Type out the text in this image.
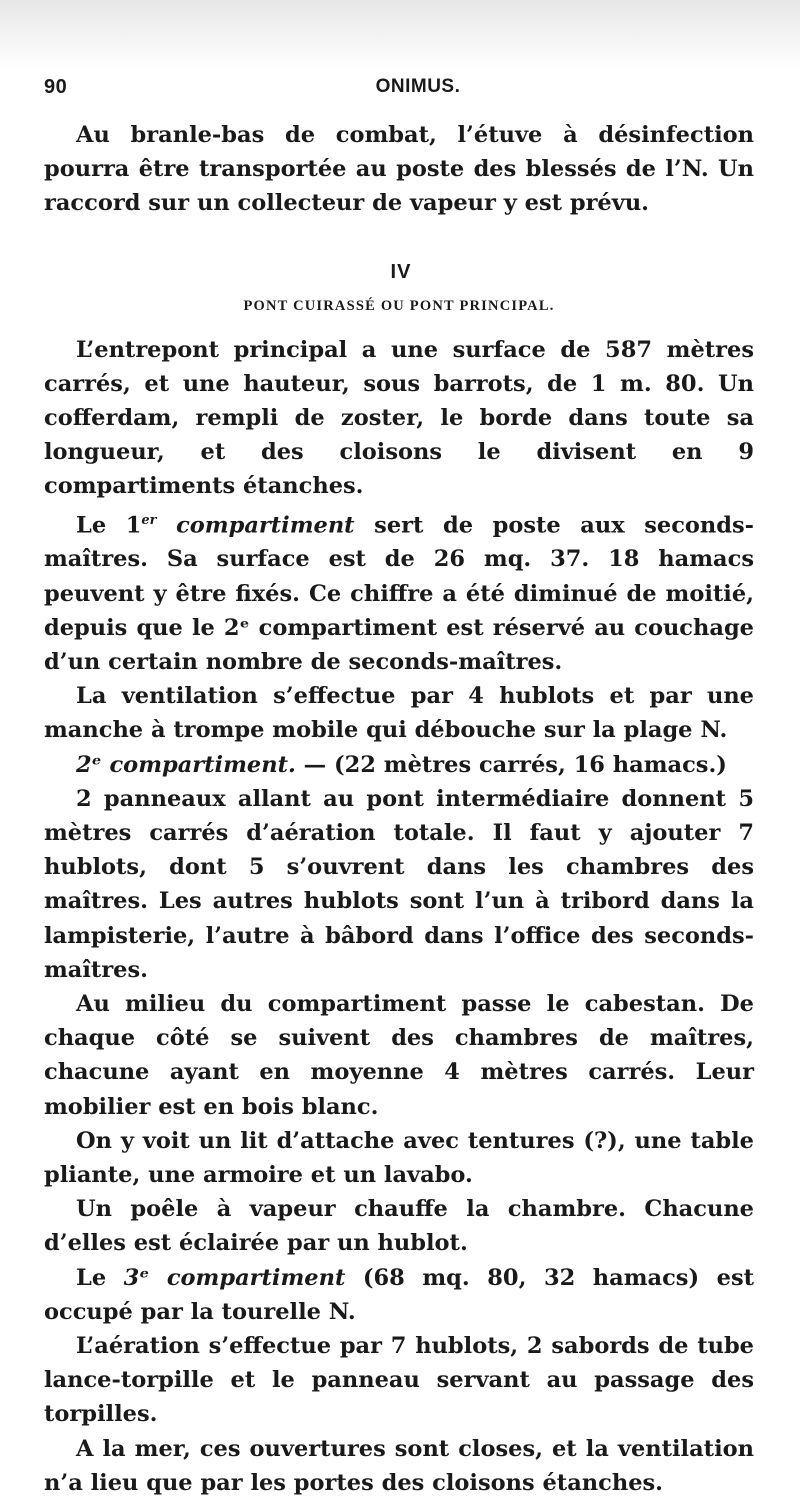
90	ONIMUS.

Au branle-bas de combat, l’étuve à désinfection pourra être transportée au poste des blessés de l’N. Un raccord sur un collecteur de vapeur y est prévu.

IV
PONT CUIRASSÉ OU PONT PRINCIPAL.

L’entrepont principal a une surface de 587 mètres carrés, et une hauteur, sous barrots, de 1 m. 80. Un cofferdam, rempli de zoster, le borde dans toute sa longueur, et des cloisons le divisent en 9 compartiments étanches.

Le 1er compartiment sert de poste aux seconds-maîtres. Sa surface est de 26 mq. 37. 18 hamacs peuvent y être fixés. Ce chiffre a été diminué de moitié, depuis que le 2ᵉ compartiment est réservé au couchage d’un certain nombre de seconds-maîtres.

La ventilation s’effectue par 4 hublots et par une manche à trompe mobile qui débouche sur la plage N.

2ᵉ compartiment. — (22 mètres carrés, 16 hamacs.)

2 panneaux allant au pont intermédiaire donnent 5 mètres carrés d’aération totale. Il faut y ajouter 7 hublots, dont 5 s’ouvrent dans les chambres des maîtres. Les autres hublots sont l’un à tribord dans la lampisterie, l’autre à bâbord dans l’office des seconds-maîtres.

Au milieu du compartiment passe le cabestan. De chaque côté se suivent des chambres de maîtres, chacune ayant en moyenne 4 mètres carrés. Leur mobilier est en bois blanc.

On y voit un lit d’attache avec tentures (?), une table pliante, une armoire et un lavabo.

Un poêle à vapeur chauffe la chambre. Chacune d’elles est éclairée par un hublot.

Le 3ᵉ compartiment (68 mq. 80, 32 hamacs) est occupé par la tourelle N.

L’aération s’effectue par 7 hublots, 2 sabords de tube lance-torpille et le panneau servant au passage des torpilles.

A la mer, ces ouvertures sont closes, et la ventilation n’a lieu que par les portes des cloisons étanches.
